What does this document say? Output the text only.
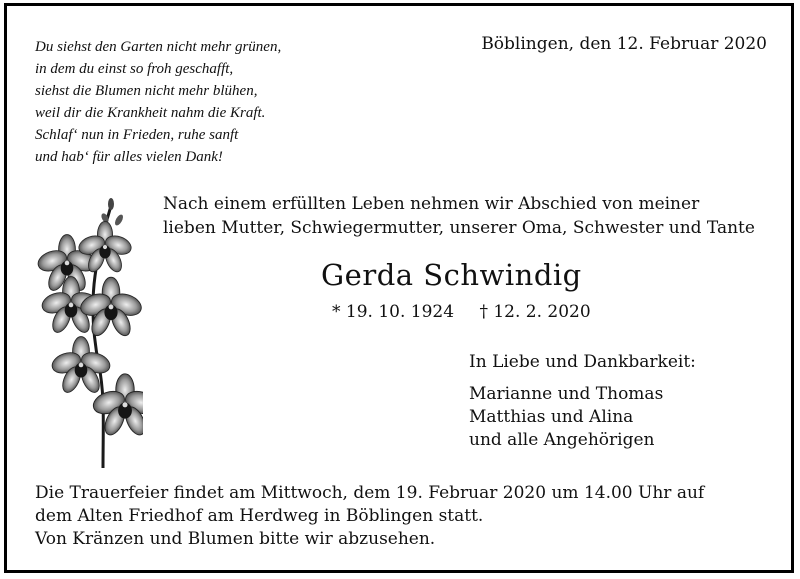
Du siehst den Garten nicht mehr grünen,
in dem du einst so froh geschafft,
siehst die Blumen nicht mehr blühen,
weil dir die Krankheit nahm die Kraft.
Schlaf‘ nun in Frieden, ruhe sanft
und hab‘ für alles vielen Dank!
Böblingen, den 12. Februar 2020
Nach einem erfüllten Leben nehmen wir Abschied von meiner
lieben Mutter, Schwiegermutter, unserer Oma, Schwester und Tante
Gerda Schwindig
* 19. 10. 1924 † 12. 2. 2020
In Liebe und Dankbarkeit:
Marianne und Thomas
Matthias und Alina
und alle Angehörigen
Die Trauerfeier findet am Mittwoch, dem 19. Februar 2020 um 14.00 Uhr auf
dem Alten Friedhof am Herdweg in Böblingen statt.
Von Kränzen und Blumen bitte wir abzusehen.
